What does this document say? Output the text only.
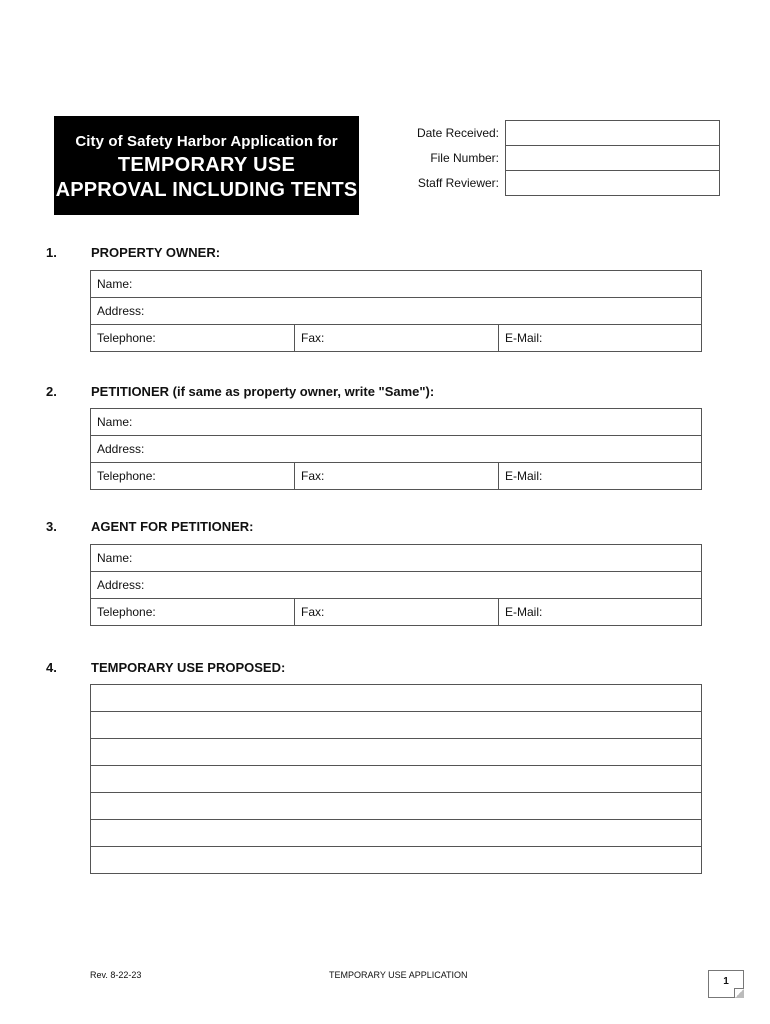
City of Safety Harbor Application for
TEMPORARY USE
APPROVAL INCLUDING TENTS
Date Received:	
File Number:	
Staff Reviewer:	
1.	PROPERTY OWNER:
Name:
Address:
Telephone:	Fax:	E-Mail:
2.	PETITIONER (if same as property owner, write "Same"):
Name:
Address:
Telephone:	Fax:	E-Mail:
3.	AGENT FOR PETITIONER:
Name:
Address:
Telephone:	Fax:	E-Mail:
4.	TEMPORARY USE PROPOSED:

Rev. 8-22-23	TEMPORARY USE APPLICATION
1
